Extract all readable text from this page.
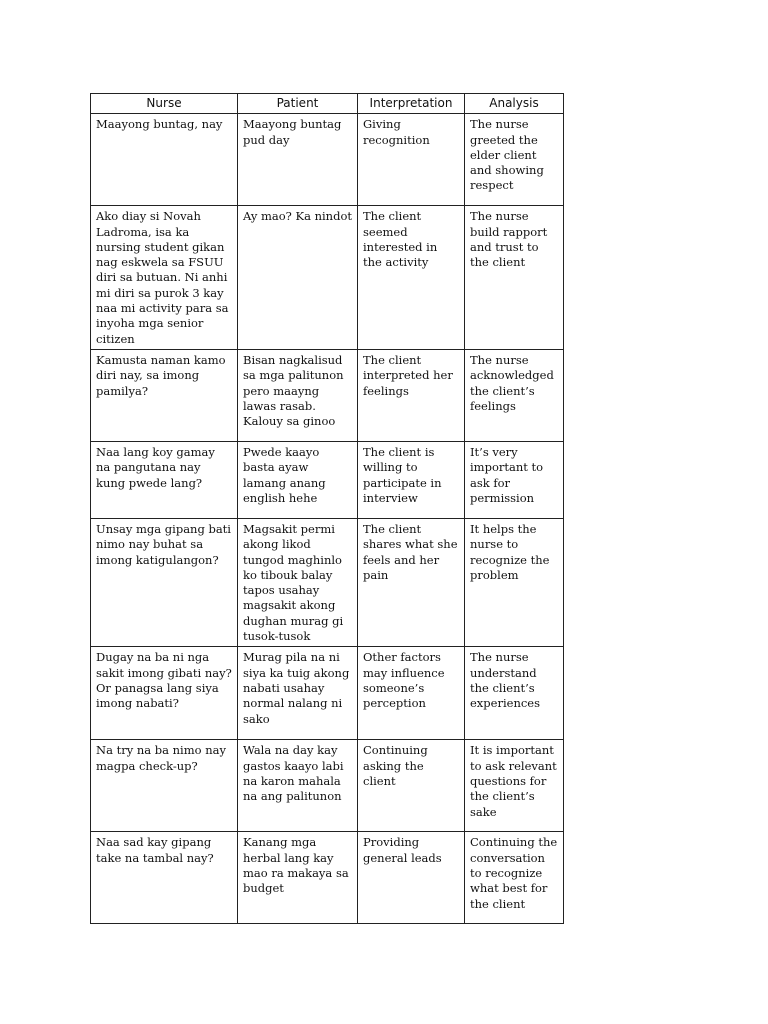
Nurse	Patient	Interpretation	Analysis
Maayong buntag, nay	Maayong buntag pud day	Giving recognition	The nurse greeted the elder client and showing respect
Ako diay si Novah Ladroma, isa ka nursing student gikan nag eskwela sa FSUU diri sa butuan. Ni anhi mi diri sa purok 3 kay naa mi activity para sa inyoha mga senior citizen	Ay mao? Ka nindot	The client seemed interested in the activity	The nurse build rapport and trust to the client
Kamusta naman kamo diri nay, sa imong pamilya?	Bisan nagkalisud sa mga palitunon pero maayng lawas rasab. Kalouy sa ginoo	The client interpreted her feelings	The nurse acknowledged the client’s feelings
Naa lang koy gamay na pangutana nay kung pwede lang?	Pwede kaayo basta ayaw lamang anang english hehe	The client is willing to participate in interview	It’s very important to ask for permission
Unsay mga gipang bati nimo nay buhat sa imong katigulangon?	Magsakit permi akong likod tungod maghinlo ko tibouk balay tapos usahay magsakit akong dughan murag gi tusok-tusok	The client shares what she feels and her pain	It helps the nurse to recognize the problem
Dugay na ba ni nga sakit imong gibati nay? Or panagsa lang siya imong nabati?	Murag pila na ni siya ka tuig akong nabati usahay normal nalang ni sako	Other factors may influence someone’s perception	The nurse understand the client’s experiences
Na try na ba nimo nay magpa check-up?	Wala na day kay gastos kaayo labi na karon mahala na ang palitunon	Continuing asking the client	It is important to ask relevant questions for the client’s sake
Naa sad kay gipang take na tambal nay?	Kanang mga herbal lang kay mao ra makaya sa budget	Providing general leads	Continuing the conversation to recognize what best for the client
